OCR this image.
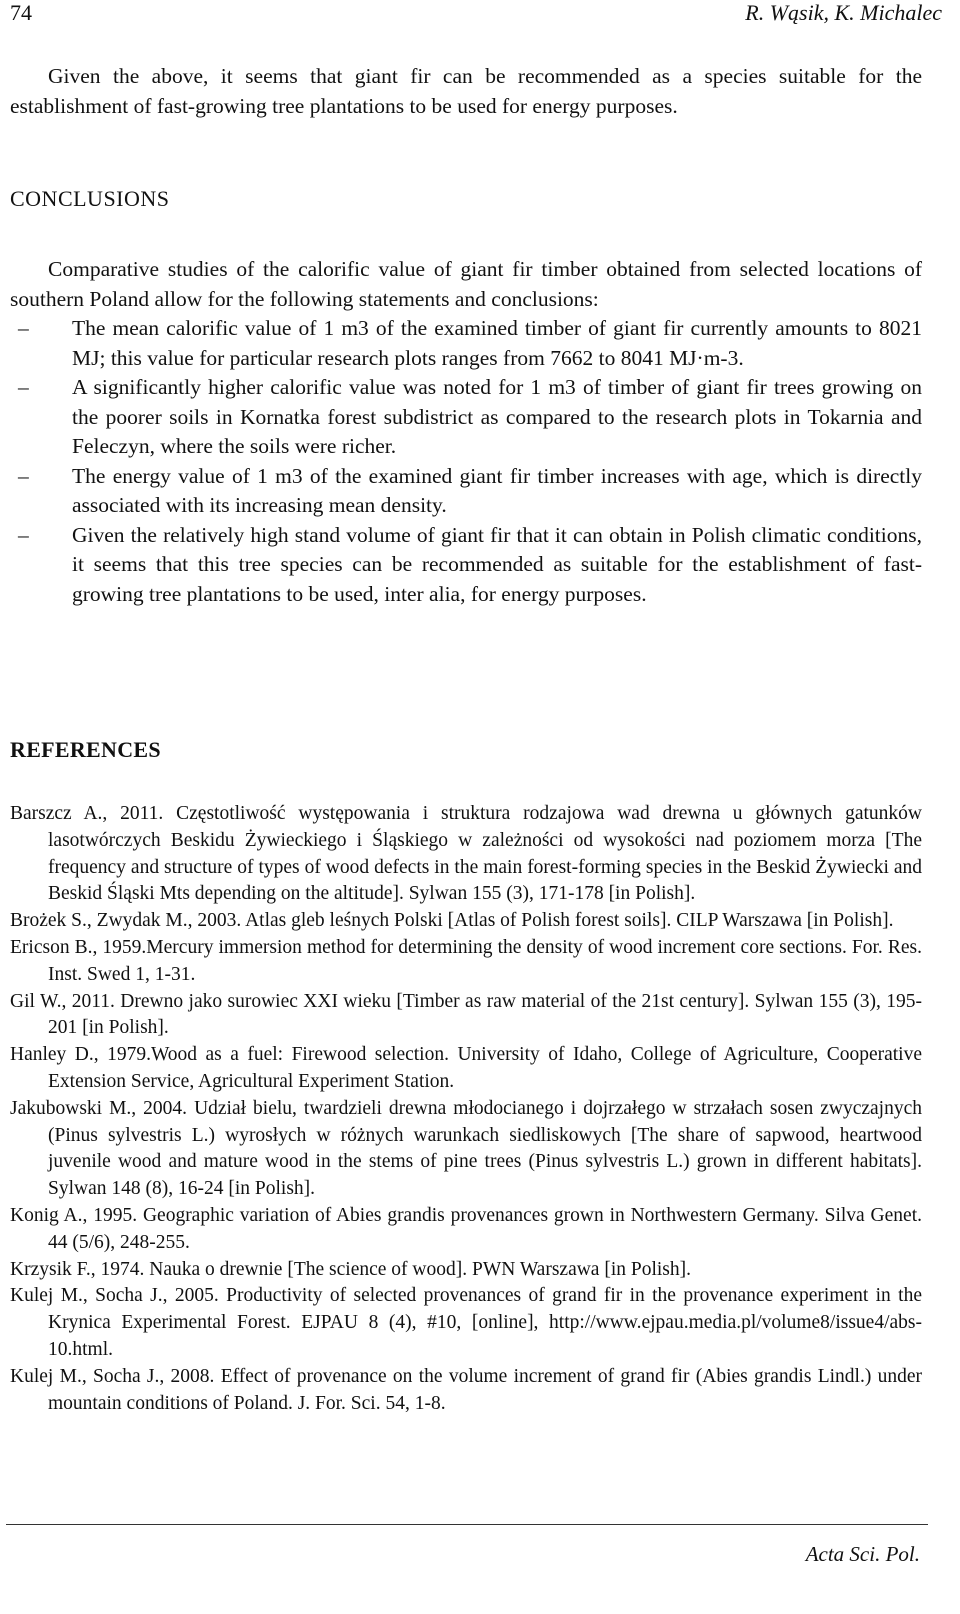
74	R. Wąsik, K. Michalec

Given the above, it seems that giant fir can be recommended as a species suitable for the establishment of fast-growing tree plantations to be used for energy purposes.

CONCLUSIONS

Comparative studies of the calorific value of giant fir timber obtained from selected locations of southern Poland allow for the following statements and conclusions:

– The mean calorific value of 1 m3 of the examined timber of giant fir currently amounts to 8021 MJ; this value for particular research plots ranges from 7662 to 8041 MJ·m-3.
– A significantly higher calorific value was noted for 1 m3 of timber of giant fir trees growing on the poorer soils in Kornatka forest subdistrict as compared to the research plots in Tokarnia and Feleczyn, where the soils were richer.
– The energy value of 1 m3 of the examined giant fir timber increases with age, which is directly associated with its increasing mean density.
– Given the relatively high stand volume of giant fir that it can obtain in Polish climatic conditions, it seems that this tree species can be recommended as suitable for the establishment of fast-growing tree plantations to be used, inter alia, for energy purposes.
REFERENCES
Barszcz A., 2011. Częstotliwość występowania i struktura rodzajowa wad drewna u głównych gatunków lasotwórczych Beskidu Żywieckiego i Śląskiego w zależności od wysokości nad poziomem morza [The frequency and structure of types of wood defects in the main forest-forming species in the Beskid Żywiecki and Beskid Śląski Mts depending on the altitude]. Sylwan 155 (3), 171-178 [in Polish].
Brożek S., Zwydak M., 2003. Atlas gleb leśnych Polski [Atlas of Polish forest soils]. CILP Warszawa [in Polish].
Ericson B., 1959.Mercury immersion method for determining the density of wood increment core sections. For. Res. Inst. Swed 1, 1-31.
Gil W., 2011. Drewno jako surowiec XXI wieku [Timber as raw material of the 21st century]. Sylwan 155 (3), 195-201 [in Polish].
Hanley D., 1979.Wood as a fuel: Firewood selection. University of Idaho, College of Agriculture, Cooperative Extension Service, Agricultural Experiment Station.
Jakubowski M., 2004. Udział bielu, twardzieli drewna młodocianego i dojrzałego w strzałach sosen zwyczajnych (Pinus sylvestris L.) wyrosłych w różnych warunkach siedliskowych [The share of sapwood, heartwood juvenile wood and mature wood in the stems of pine trees (Pinus sylvestris L.) grown in different habitats]. Sylwan 148 (8), 16-24 [in Polish].
Konig A., 1995. Geographic variation of Abies grandis provenances grown in Northwestern Germany. Silva Genet. 44 (5/6), 248-255.
Krzysik F., 1974. Nauka o drewnie [The science of wood]. PWN Warszawa [in Polish].
Kulej M., Socha J., 2005. Productivity of selected provenances of grand fir in the provenance experiment in the Krynica Experimental Forest. EJPAU 8 (4), #10, [online], http://www.ejpau.media.pl/volume8/issue4/abs-10.html.
Kulej M., Socha J., 2008. Effect of provenance on the volume increment of grand fir (Abies grandis Lindl.) under mountain conditions of Poland. J. For. Sci. 54, 1-8.
Acta Sci. Pol.
